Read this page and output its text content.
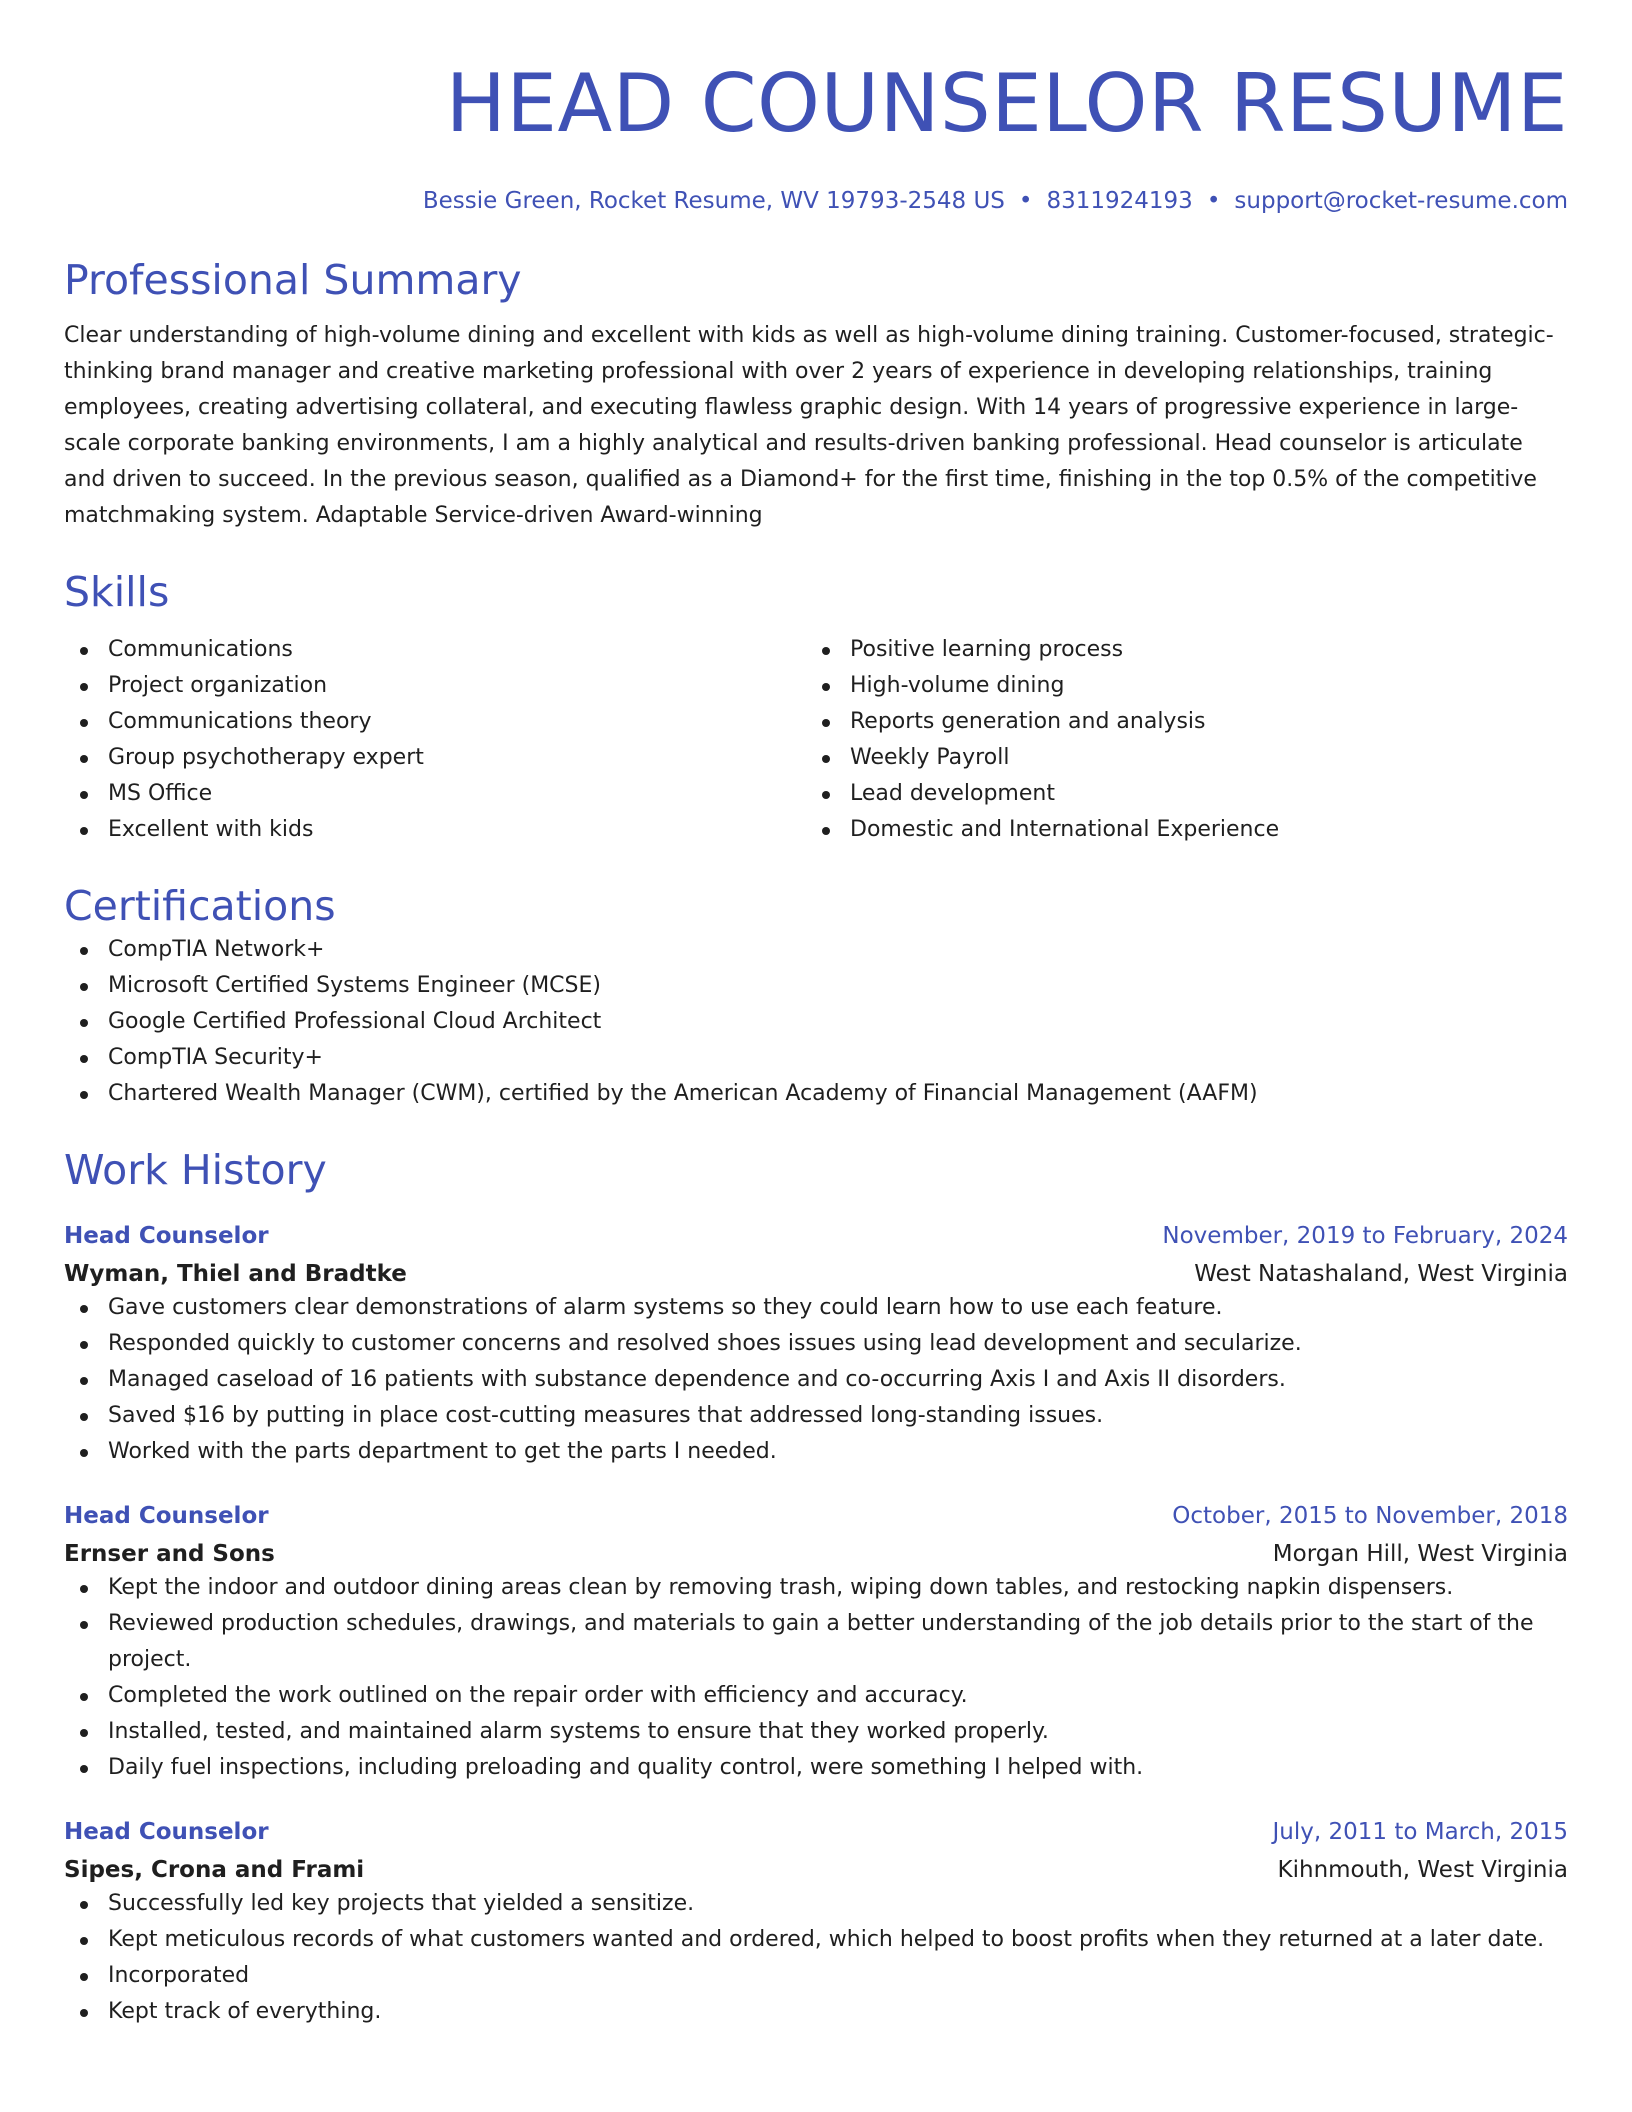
HEAD COUNSELOR RESUME
Bessie Green, Rocket Resume, WV 19793-2548 US • 8311924193 • support@rocket-resume.com
Professional Summary

Clear understanding of high-volume dining and excellent with kids as well as high-volume dining training. Customer-focused, strategic-thinking brand manager and creative marketing professional with over 2 years of experience in developing relationships, training employees, creating advertising collateral, and executing flawless graphic design. With 14 years of progressive experience in large-scale corporate banking environments, I am a highly analytical and results-driven banking professional. Head counselor is articulate and driven to succeed. In the previous season, qualified as a Diamond+ for the first time, finishing in the top 0.5% of the competitive matchmaking system. Adaptable Service-driven Award-winning

Skills
Communications
Project organization
Communications theory
Group psychotherapy expert
MS Office
Excellent with kids
Positive learning process
High-volume dining
Reports generation and analysis
Weekly Payroll
Lead development
Domestic and International Experience
Certifications
CompTIA Network+
Microsoft Certified Systems Engineer (MCSE)
Google Certified Professional Cloud Architect
CompTIA Security+
Chartered Wealth Manager (CWM), certified by the American Academy of Financial Management (AAFM)
Work History
Head Counselor	November, 2019 to February, 2024
Wyman, Thiel and Bradtke	West Natashaland, West Virginia
Gave customers clear demonstrations of alarm systems so they could learn how to use each feature.
Responded quickly to customer concerns and resolved shoes issues using lead development and secularize.
Managed caseload of 16 patients with substance dependence and co-occurring Axis I and Axis II disorders.
Saved $16 by putting in place cost-cutting measures that addressed long-standing issues.
Worked with the parts department to get the parts I needed.
Head Counselor	October, 2015 to November, 2018
Ernser and Sons	Morgan Hill, West Virginia
Kept the indoor and outdoor dining areas clean by removing trash, wiping down tables, and restocking napkin dispensers.
Reviewed production schedules, drawings, and materials to gain a better understanding of the job details prior to the start of the project.
Completed the work outlined on the repair order with efficiency and accuracy.
Installed, tested, and maintained alarm systems to ensure that they worked properly.
Daily fuel inspections, including preloading and quality control, were something I helped with.
Head Counselor	July, 2011 to March, 2015
Sipes, Crona and Frami	Kihnmouth, West Virginia
Successfully led key projects that yielded a sensitize.
Kept meticulous records of what customers wanted and ordered, which helped to boost profits when they returned at a later date.
Incorporated
Kept track of everything.
